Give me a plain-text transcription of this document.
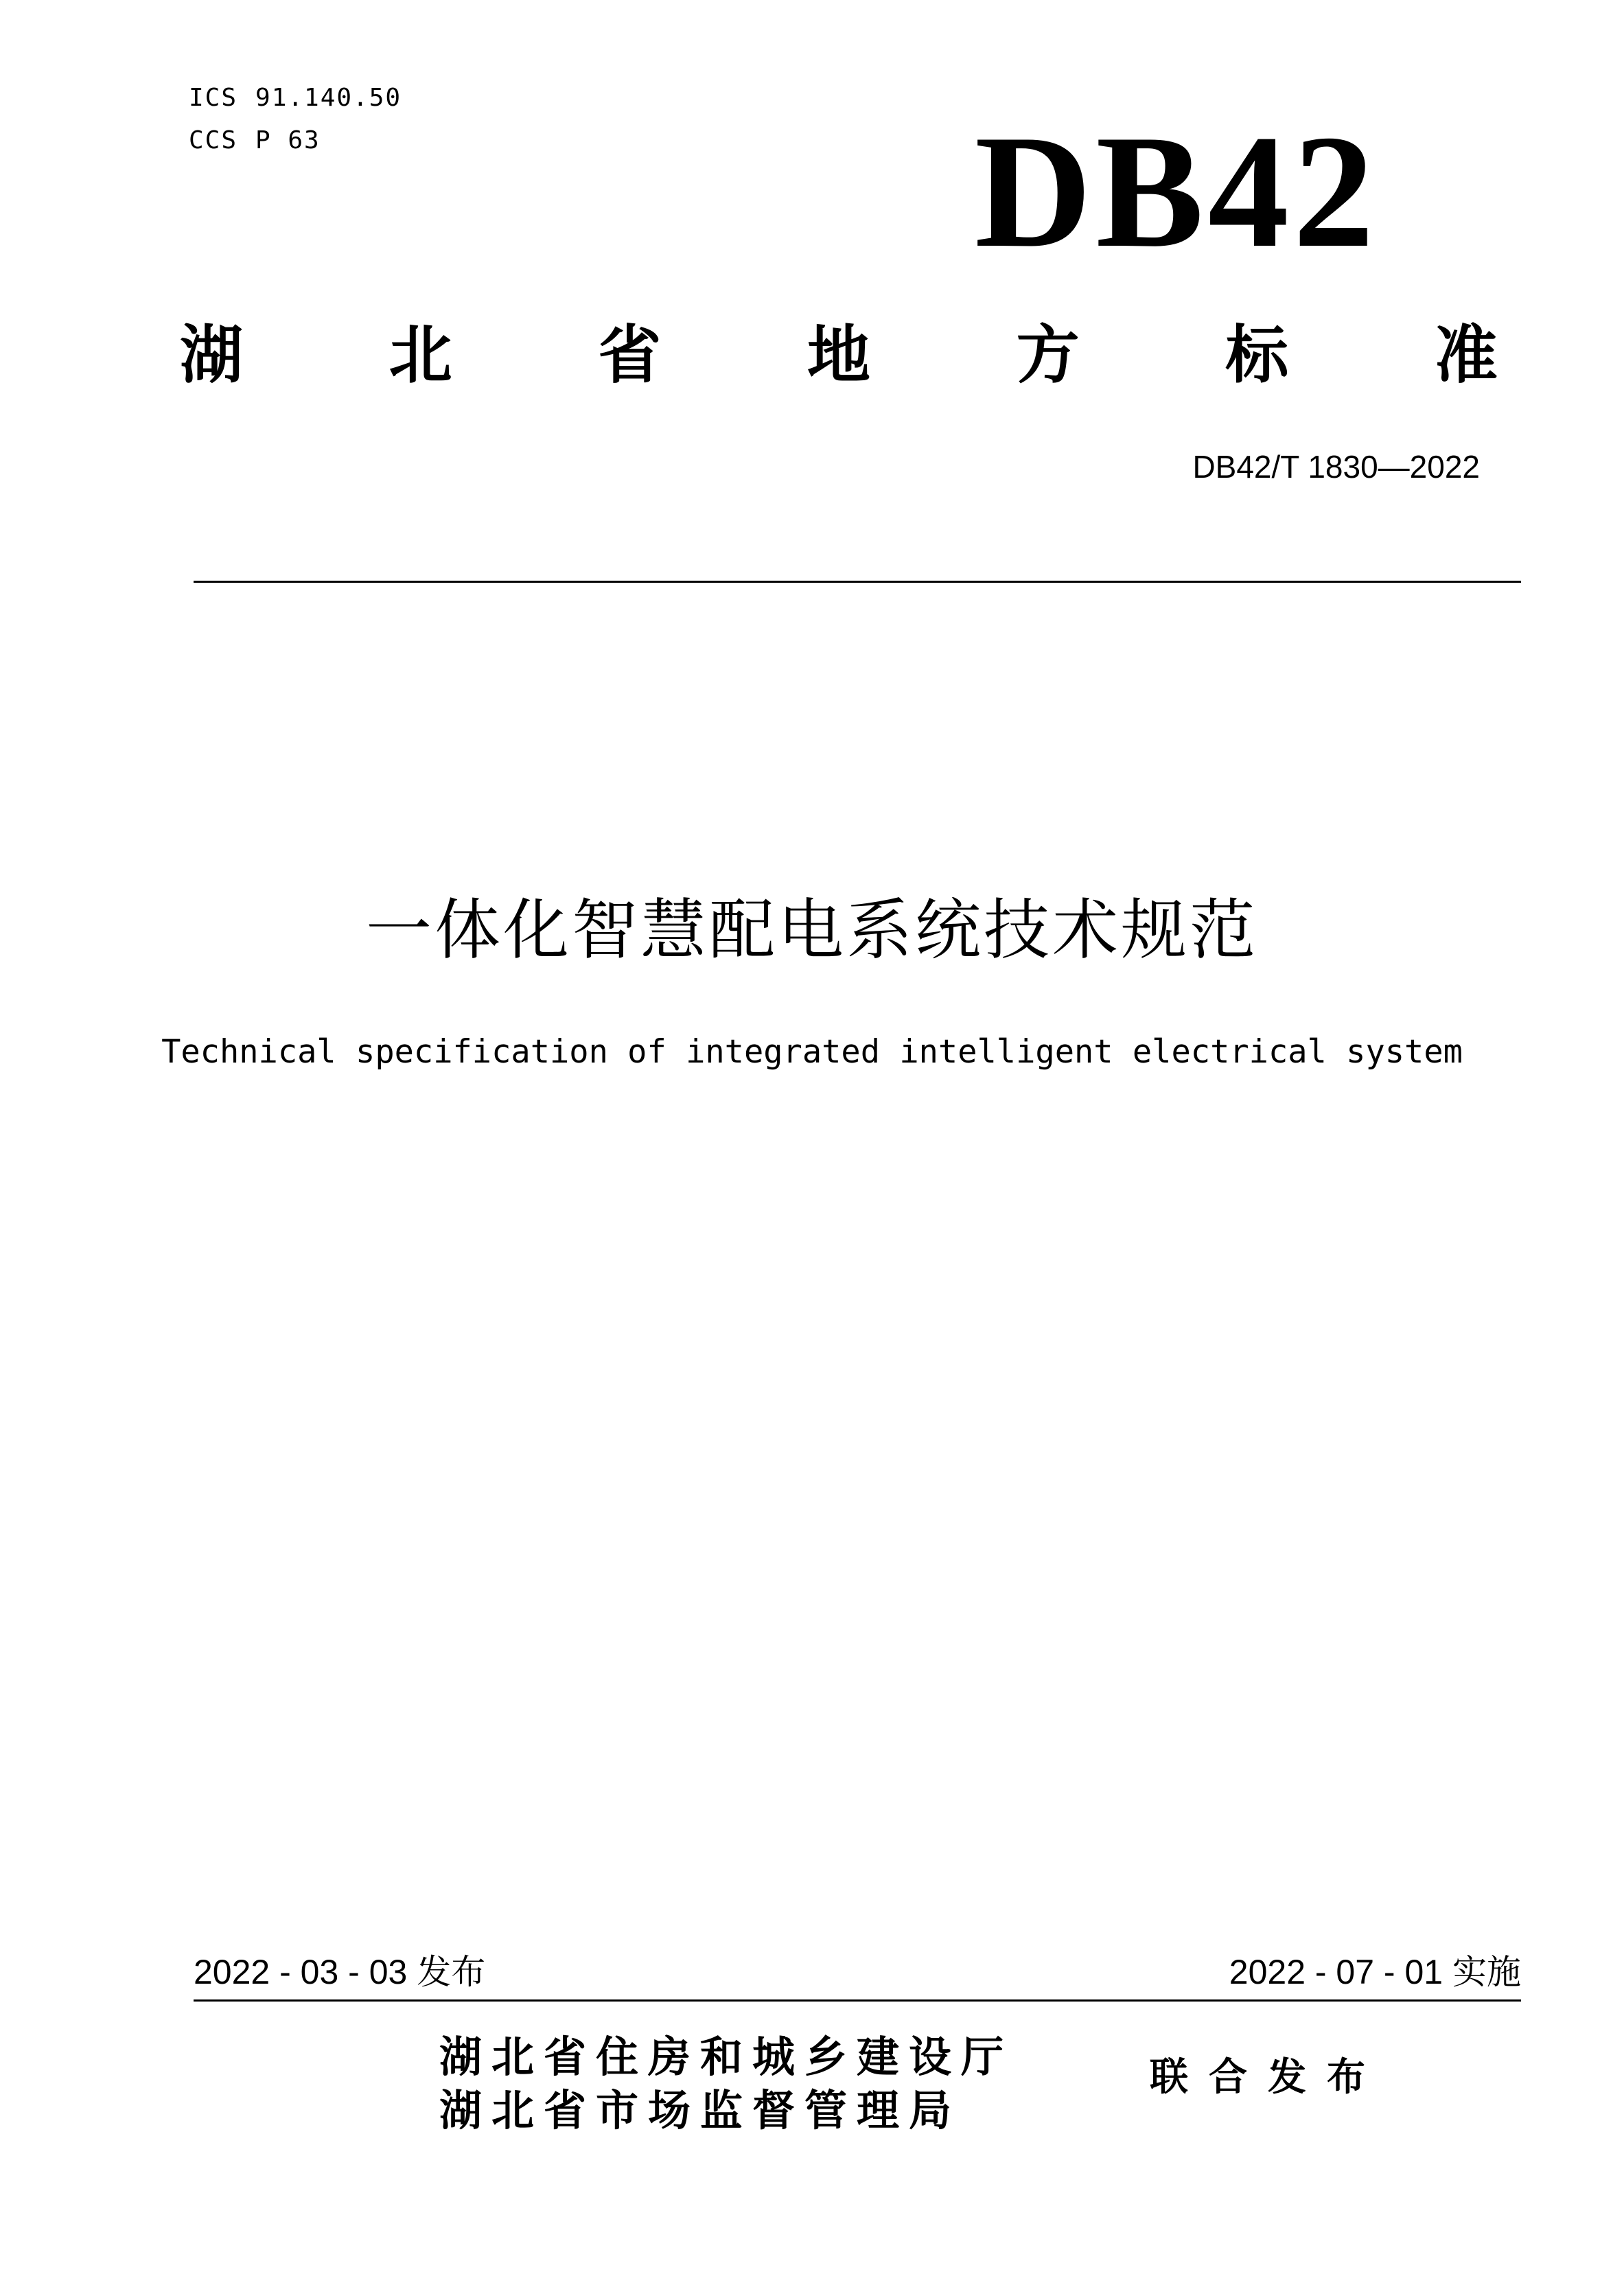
ICS 91.140.50
CCS P 63	DB42
湖 北 省 地 方 标 准
DB42/T 1830—2022
一体化智慧配电系统技术规范
Technical specification of integrated intelligent electrical system
2022 - 03 - 03 发布	2022 - 07 - 01 实施
湖北省住房和城乡建设厅
湖北省市场监督管理局
联合发布
